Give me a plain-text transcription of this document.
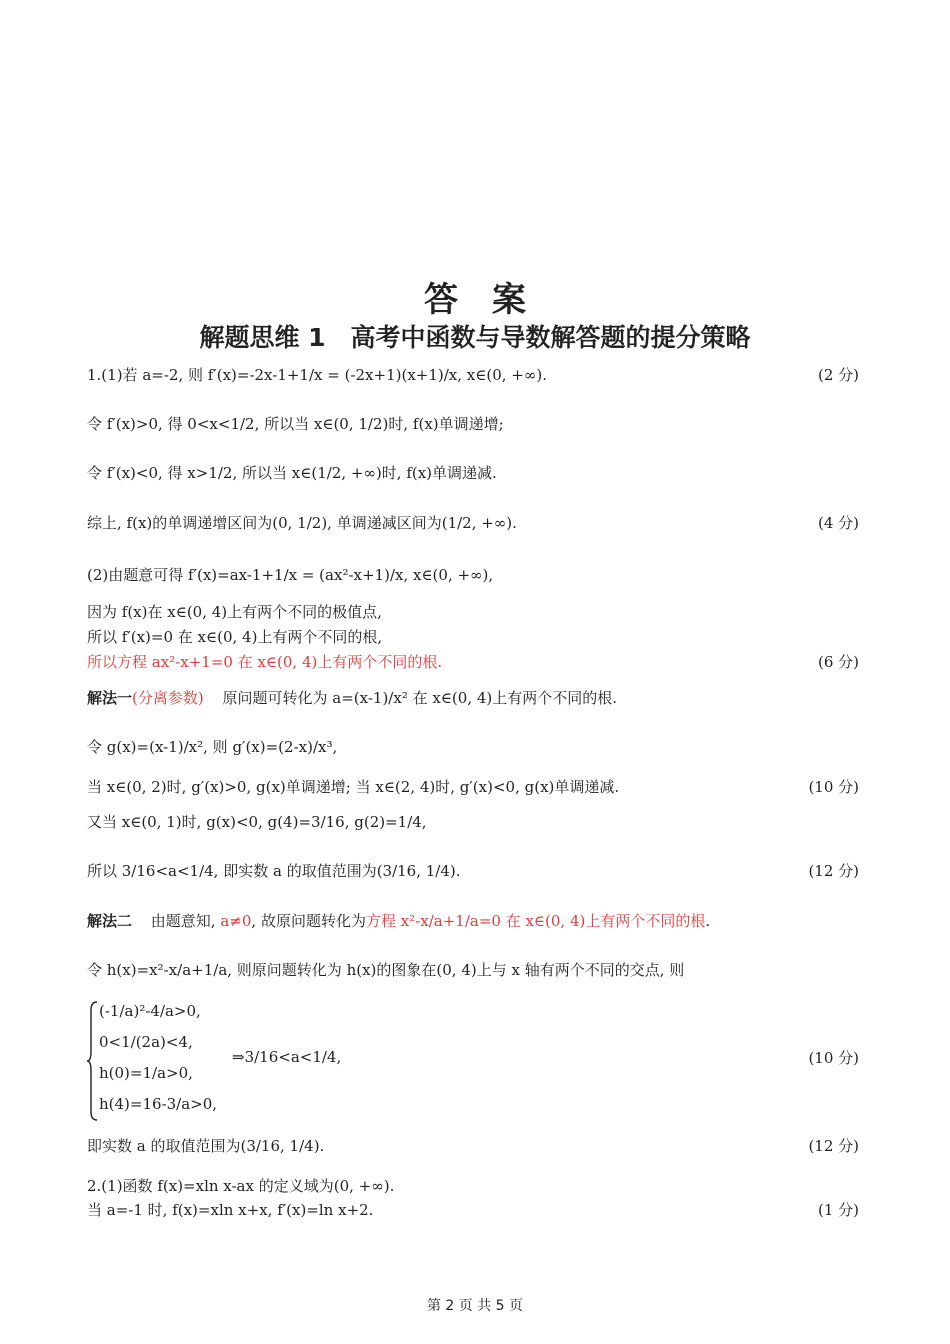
答　案
解题思维 1　高考中函数与导数解答题的提分策略
1.(1)若 a=-2, 则 f′(x)=-2x-1+1/x = (-2x+1)(x+1)/x, x∈(0, +∞).	(2 分)
令 f′(x)>0, 得 0<x<1/2, 所以当 x∈(0, 1/2)时, f(x)单调递增;
令 f′(x)<0, 得 x>1/2, 所以当 x∈(1/2, +∞)时, f(x)单调递减.
综上, f(x)的单调递增区间为(0, 1/2), 单调递减区间为(1/2, +∞).	(4 分)
(2)由题意可得 f′(x)=ax-1+1/x = (ax²-x+1)/x, x∈(0, +∞),
因为 f(x)在 x∈(0, 4)上有两个不同的极值点,
所以 f′(x)=0 在 x∈(0, 4)上有两个不同的根,
所以方程 ax²-x+1=0 在 x∈(0, 4)上有两个不同的根.	(6 分)
解法一(分离参数) 原问题可转化为 a=(x-1)/x² 在 x∈(0, 4)上有两个不同的根.
令 g(x)=(x-1)/x², 则 g′(x)=(2-x)/x³,
当 x∈(0, 2)时, g′(x)>0, g(x)单调递增; 当 x∈(2, 4)时, g′(x)<0, g(x)单调递减.	(10 分)
又当 x∈(0, 1)时, g(x)<0, g(4)=3/16, g(2)=1/4,
所以 3/16<a<1/4, 即实数 a 的取值范围为(3/16, 1/4).	(12 分)
解法二 由题意知, a≠0, 故原问题转化为方程 x²-x/a+1/a=0 在 x∈(0, 4)上有两个不同的根.
令 h(x)=x²-x/a+1/a, 则原问题转化为 h(x)的图象在(0, 4)上与 x 轴有两个不同的交点, 则
(-1/a)²-4/a>0,
0<1/(2a)<4,
h(0)=1/a>0,
h(4)=16-3/a>0,
⇒3/16<a<1/4,	(10 分)
即实数 a 的取值范围为(3/16, 1/4).	(12 分)
2.(1)函数 f(x)=xln x-ax 的定义域为(0, +∞).
当 a=-1 时, f(x)=xln x+x, f′(x)=ln x+2.	(1 分)
第 2 页 共 5 页
